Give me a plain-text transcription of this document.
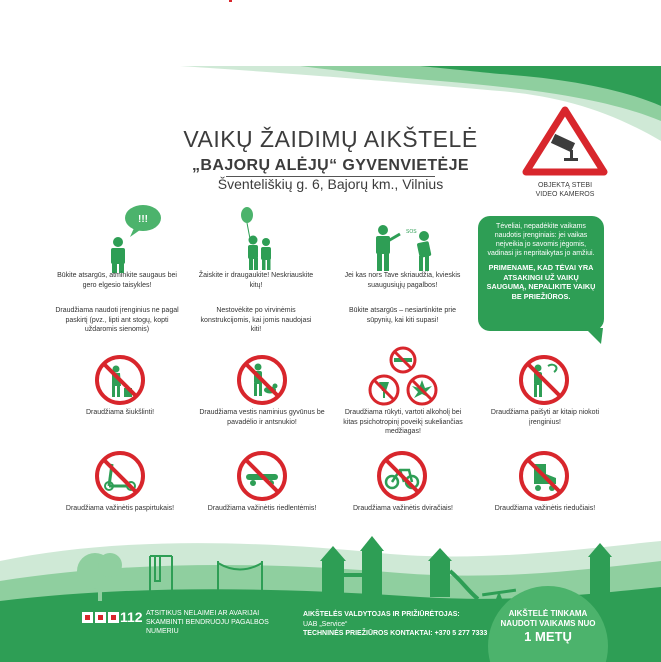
VAIKŲ ŽAIDIMŲ AIKŠTELĖ
„BAJORŲ ALĖJŲ“ GYVENVIETĖJE
Šventeliškių g. 6, Bajorų km., Vilnius	OBJEKTĄ STEBI
VIDEO KAMEROS
Tėveliai, nepadėkite vaikams naudotis įrenginiais: jei vaikas neįveikia jo savomis jėgomis, vadinasi jis nepritaikytas jo amžiui.
PRIMENAME, KAD TĖVAI YRA ATSAKINGI UŽ VAIKŲ SAUGUMĄ, NEPALIKITE VAIKŲ BE PRIEŽIŪROS.
!!!
Būkite atsargūs, atminkite saugaus bei gero elgesio taisykles!
Draudžiama naudoti įrenginius ne pagal paskirtį (pvz., lipti ant stogų, kopti uždaromis sienomis)
Žaiskite ir draugaukite! Neskriauskite kitų!
Nestovėkite po virvinėmis konstrukcijomis, kai jomis naudojasi kiti!
SOS
Jei kas nors Tave skriaudžia, kvieskis suaugusiųjų pagalbos!
Būkite atsargūs – nesiartinkite prie sūpynių, kai kiti supasi!
Draudžiama šiukšlinti!	Draudžiama vestis naminius gyvūnus be pavadėlio ir antsnukio!
Draudžiama rūkyti, vartoti alkoholį bei kitas psichotropinį poveikį sukeliančias medžiagas!
Draudžiama paišyti ar kitaip niokoti įrenginius!
Draudžiama važinėtis paspirtukais!	Draudžiama važinėtis riedlentėmis!	Draudžiama važinėtis dviračiais!	Draudžiama važinėtis riedučiais!
112 ATSITIKUS NELAIMEI AR AVARIJAI SKAMBINTI BENDRUOJU PAGALBOS NUMERIU
AIKŠTELĖS VALDYTOJAS IR PRIŽIŪRĖTOJAS:
UAB „Service“
TECHNINĖS PRIEŽIŪROS KONTAKTAI: +370 5 277 7333
AIKŠTELĖ TINKAMA
NAUDOTI VAIKAMS NUO
1 METŲ
